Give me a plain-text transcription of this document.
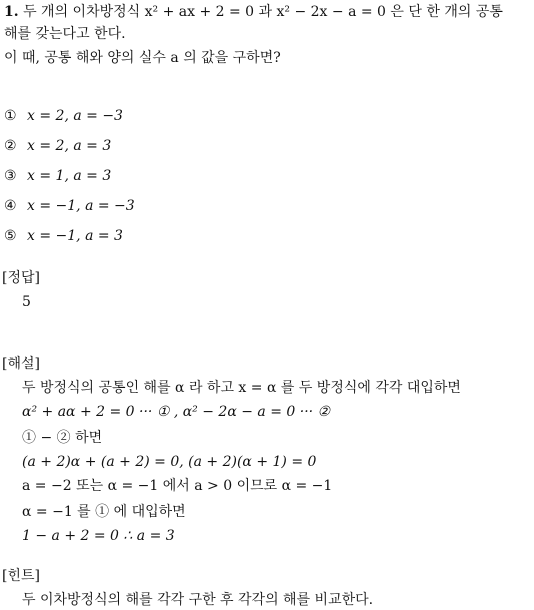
1. 두 개의 이차방정식 x² + ax + 2 = 0 과 x² − 2x − a = 0 은 단 한 개의 공통
해를 갖는다고 한다.
이 때, 공통 해와 양의 실수 a 의 값을 구하면?
① x = 2, a = −3
② x = 2, a = 3
③ x = 1, a = 3
④ x = −1, a = −3
⑤ x = −1, a = 3
[정답]
5
[해설]
두 방정식의 공통인 해를 α 라 하고 x = α 를 두 방정식에 각각 대입하면
α² + aα + 2 = 0 ··· ① , α² − 2α − a = 0 ··· ②
① − ② 하면
(a + 2)α + (a + 2) = 0, (a + 2)(α + 1) = 0
a = −2 또는 α = −1 에서 a > 0 이므로 α = −1
α = −1 를 ① 에 대입하면
1 − a + 2 = 0 ∴ a = 3
[힌트]
두 이차방정식의 해를 각각 구한 후 각각의 해를 비교한다.
